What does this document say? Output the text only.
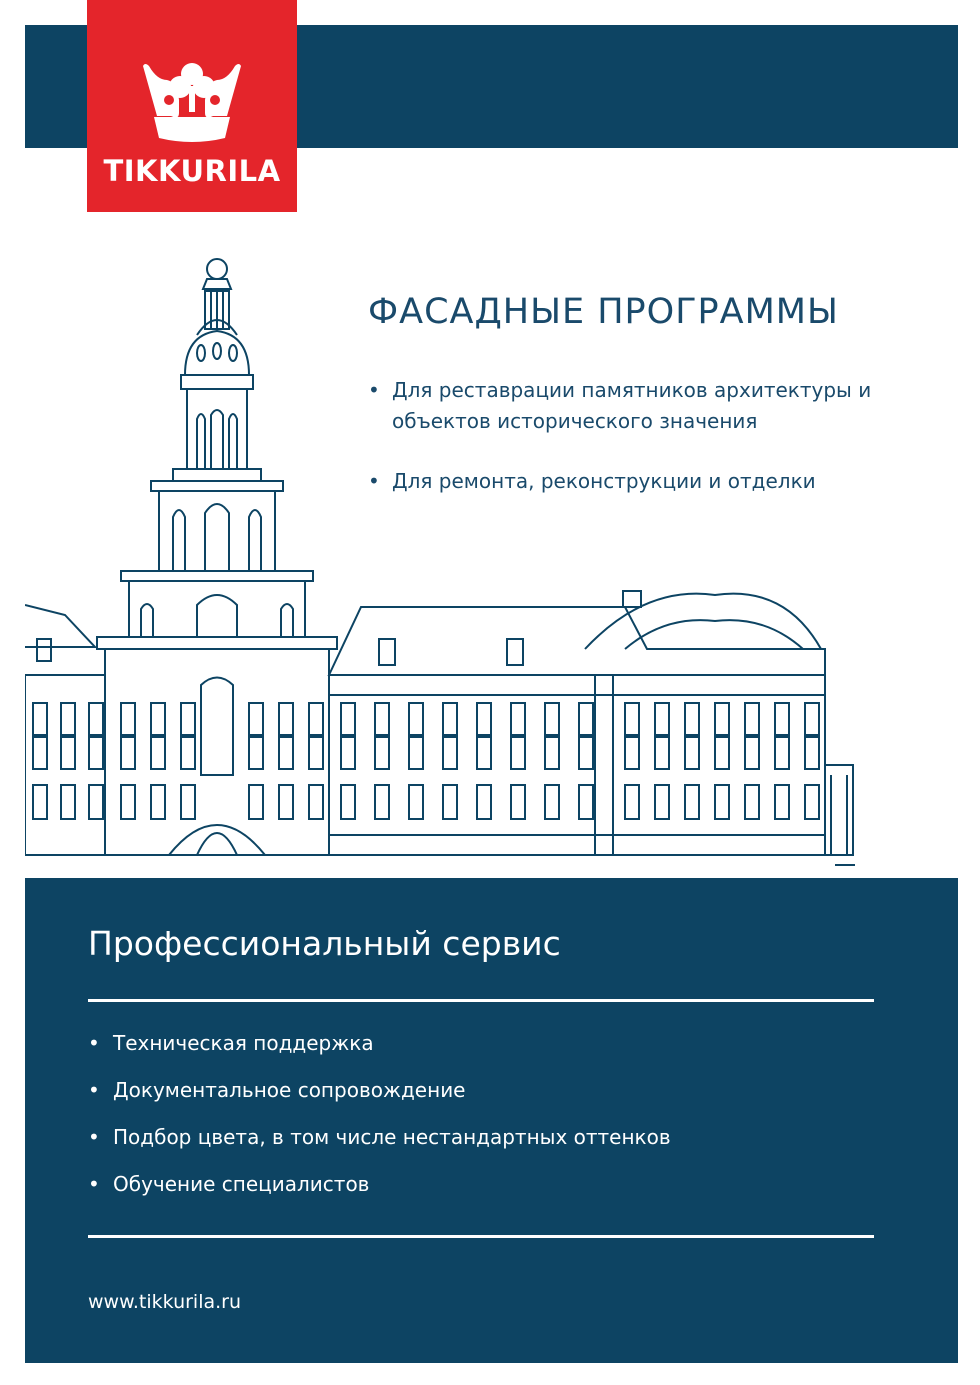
TIKKURILA
ФАСАДНЫЕ ПРОГРАММЫ
• Для реставрации памятников архитектуры и объектов исторического значения
• Для ремонта, реконструкции и отделки
Профессиональный сервис
• Техническая поддержка
• Документальное сопровождение
• Подбор цвета, в том числе нестандартных оттенков
• Обучение специалистов
www.tikkurila.ru
